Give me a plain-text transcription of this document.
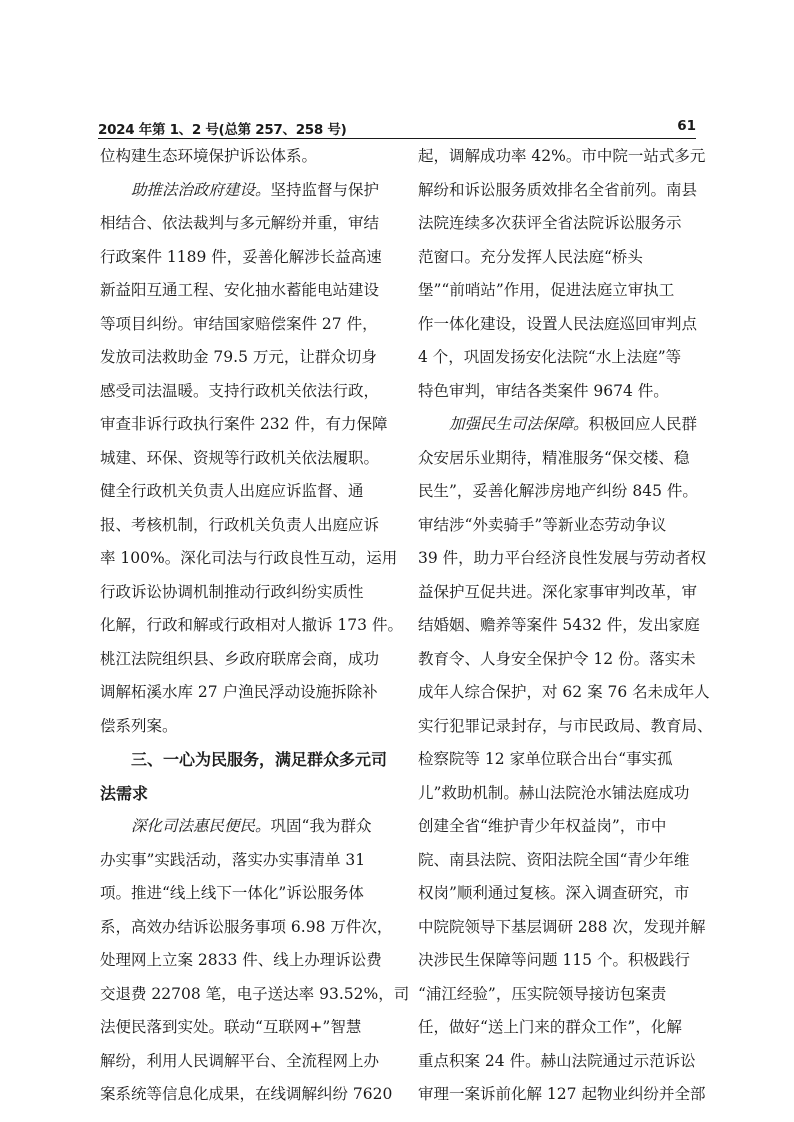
2024 年第 1、2 号(总第 257、258 号)	61
位构建生态环境保护诉讼体系。
助推法治政府建设。坚持监督与保护
相结合、依法裁判与多元解纷并重，审结
行政案件 1189 件，妥善化解涉长益高速
新益阳互通工程、安化抽水蓄能电站建设
等项目纠纷。审结国家赔偿案件 27 件，
发放司法救助金 79.5 万元，让群众切身
感受司法温暖。支持行政机关依法行政，
审查非诉行政执行案件 232 件，有力保障
城建、环保、资规等行政机关依法履职。
健全行政机关负责人出庭应诉监督、通
报、考核机制，行政机关负责人出庭应诉
率 100%。深化司法与行政良性互动，运用
行政诉讼协调机制推动行政纠纷实质性
化解，行政和解或行政相对人撤诉 173 件。
桃江法院组织县、乡政府联席会商，成功
调解柘溪水库 27 户渔民浮动设施拆除补
偿系列案。
三、一心为民服务，满足群众多元司
法需求
深化司法惠民便民。巩固“我为群众
办实事”实践活动，落实办实事清单 31
项。推进“线上线下一体化”诉讼服务体
系，高效办结诉讼服务事项 6.98 万件次，
处理网上立案 2833 件、线上办理诉讼费
交退费 22708 笔，电子送达率 93.52%，司
法便民落到实处。联动“互联网+”智慧
解纷，利用人民调解平台、全流程网上办
案系统等信息化成果，在线调解纠纷 7620
起，调解成功率 42%。市中院一站式多元
解纷和诉讼服务质效排名全省前列。南县
法院连续多次获评全省法院诉讼服务示
范窗口。充分发挥人民法庭“桥头
堡”“前哨站”作用，促进法庭立审执工
作一体化建设，设置人民法庭巡回审判点
4 个，巩固发扬安化法院“水上法庭”等
特色审判，审结各类案件 9674 件。
加强民生司法保障。积极回应人民群
众安居乐业期待，精准服务“保交楼、稳
民生”，妥善化解涉房地产纠纷 845 件。
审结涉“外卖骑手”等新业态劳动争议
39 件，助力平台经济良性发展与劳动者权
益保护互促共进。深化家事审判改革，审
结婚姻、赡养等案件 5432 件，发出家庭
教育令、人身安全保护令 12 份。落实未
成年人综合保护，对 62 案 76 名未成年人
实行犯罪记录封存，与市民政局、教育局、
检察院等 12 家单位联合出台“事实孤
儿”救助机制。赫山法院沧水铺法庭成功
创建全省“维护青少年权益岗”，市中
院、南县法院、资阳法院全国“青少年维
权岗”顺利通过复核。深入调查研究，市
中院院领导下基层调研 288 次，发现并解
决涉民生保障等问题 115 个。积极践行
“浦江经验”，压实院领导接访包案责
任，做好“送上门来的群众工作”，化解
重点积案 24 件。赫山法院通过示范诉讼
审理一案诉前化解 127 起物业纠纷并全部
